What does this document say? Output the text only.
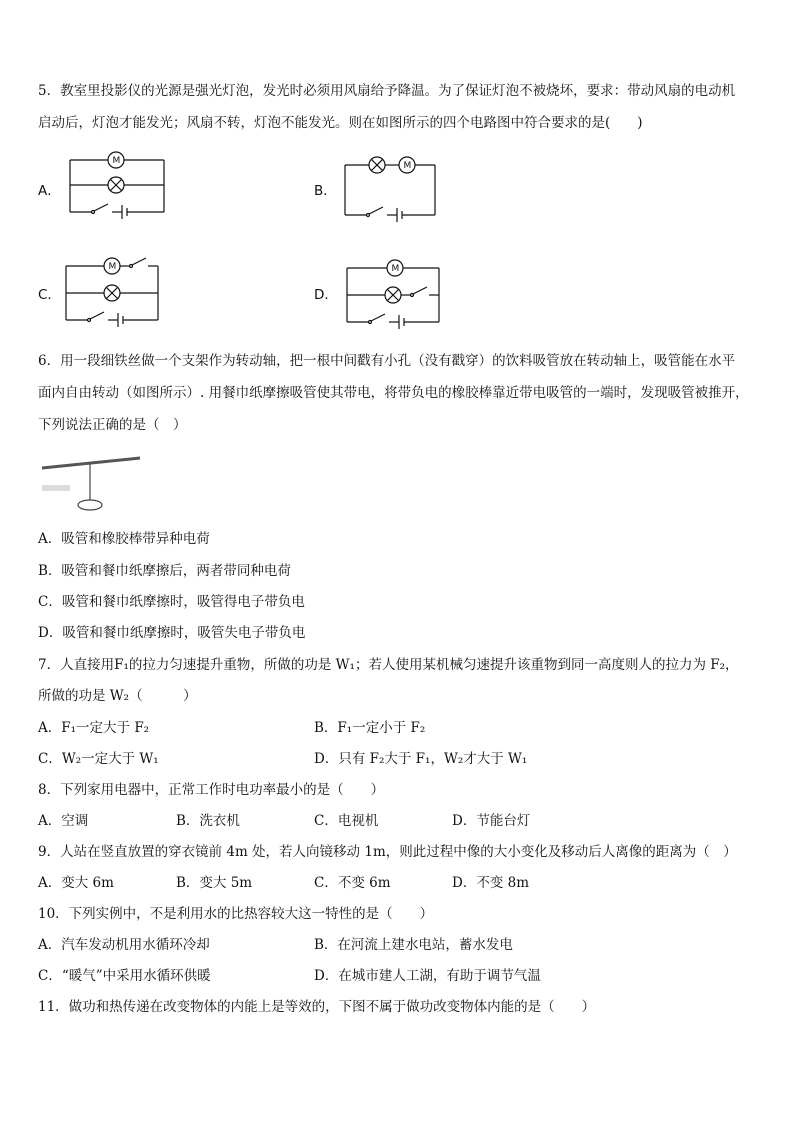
5．教室里投影仪的光源是强光灯泡，发光时必须用风扇给予降温。为了保证灯泡不被烧坏，要求：带动风扇的电动机
启动后，灯泡才能发光；风扇不转，灯泡不能发光。则在如图所示的四个电路图中符合要求的是(　　)
A．
M
B．
M
C．
M
D．
M
6．用一段细铁丝做一个支架作为转动轴，把一根中间戳有小孔（没有戳穿）的饮料吸管放在转动轴上，吸管能在水平
面内自由转动（如图所示）. 用餐巾纸摩擦吸管使其带电，将带负电的橡胶棒靠近带电吸管的一端时，发现吸管被推开，
下列说法正确的是（　）
A．吸管和橡胶棒带异种电荷
B．吸管和餐巾纸摩擦后，两者带同种电荷
C．吸管和餐巾纸摩擦时，吸管得电子带负电
D．吸管和餐巾纸摩擦时，吸管失电子带负电
7．人直接用F₁的拉力匀速提升重物，所做的功是 W₁；若人使用某机械匀速提升该重物到同一高度则人的拉力为 F₂，
所做的功是 W₂（　　　）
A．F₁一定大于 F₂	B．F₁一定小于 F₂
C．W₂一定大于 W₁	D．只有 F₂大于 F₁，W₂才大于 W₁
8．下列家用电器中，正常工作时电功率最小的是（　　）
A．空调	B．洗衣机	C．电视机	D．节能台灯
9．人站在竖直放置的穿衣镜前 4m 处，若人向镜移动 1m，则此过程中像的大小变化及移动后人离像的距离为（　）
A．变大 6m	B．变大 5m	C．不变 6m	D．不变 8m
10．下列实例中，不是利用水的比热容较大这一特性的是（　　）
A．汽车发动机用水循环冷却	B．在河流上建水电站，蓄水发电
C．“暖气”中采用水循环供暖	D．在城市建人工湖，有助于调节气温
11．做功和热传递在改变物体的内能上是等效的，下图不属于做功改变物体内能的是（　　）
